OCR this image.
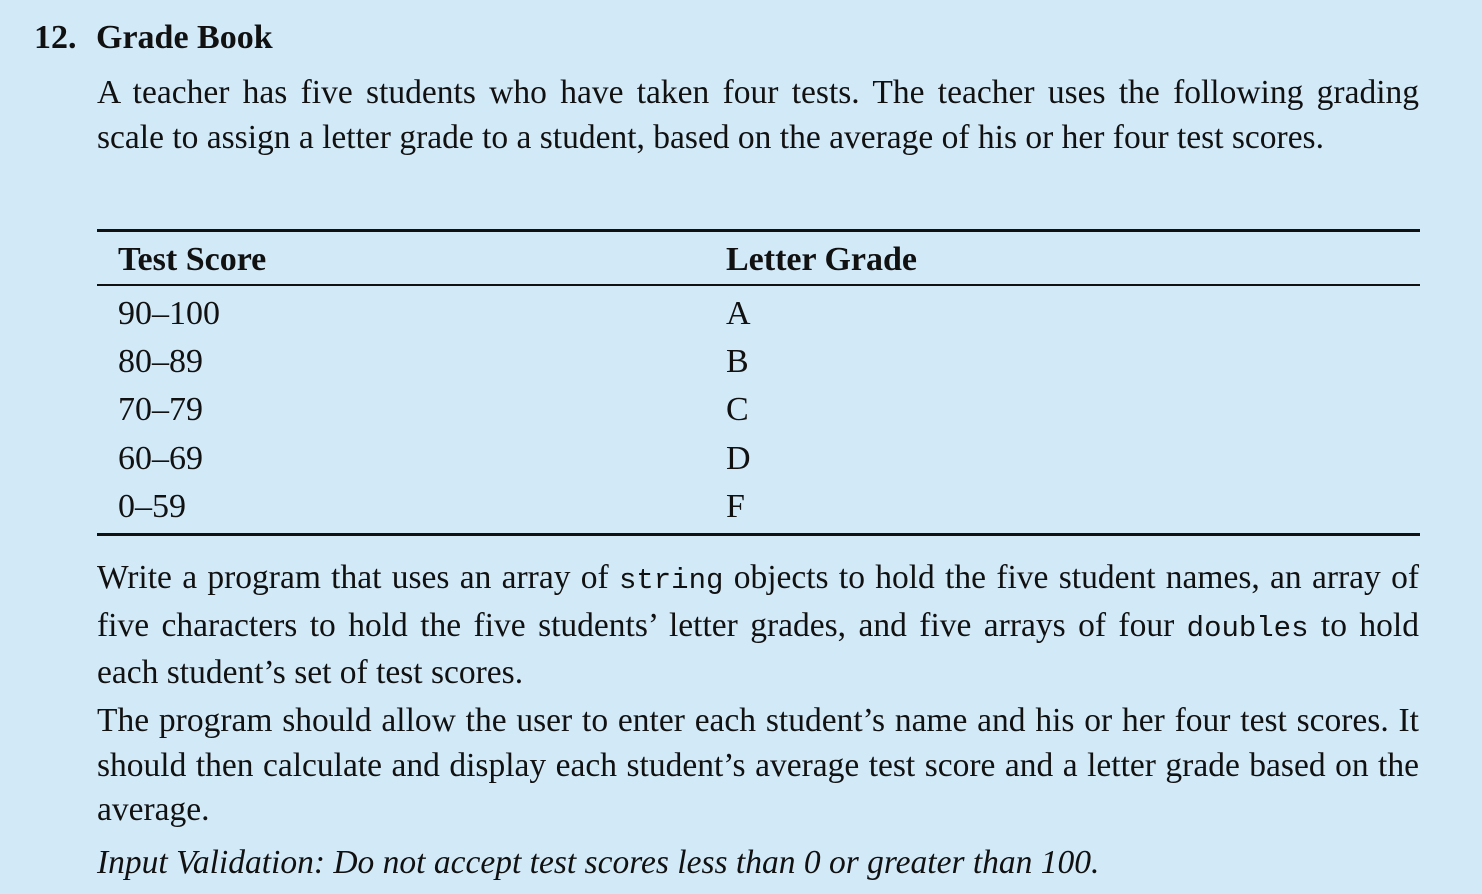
12. Grade Book
A teacher has five students who have taken four tests. The teacher uses the following grading scale to assign a letter grade to a student, based on the average of his or her four test scores.
Test Score	Letter Grade
90–100	A
80–89	B
70–79	C
60–69	D
0–59	F
Write a program that uses an array of string objects to hold the five student names, an array of five characters to hold the five students’ letter grades, and five arrays of four doubles to hold each student’s set of test scores.
The program should allow the user to enter each student’s name and his or her four test scores. It should then calculate and display each student’s average test score and a letter grade based on the average.
Input Validation: Do not accept test scores less than 0 or greater than 100.
